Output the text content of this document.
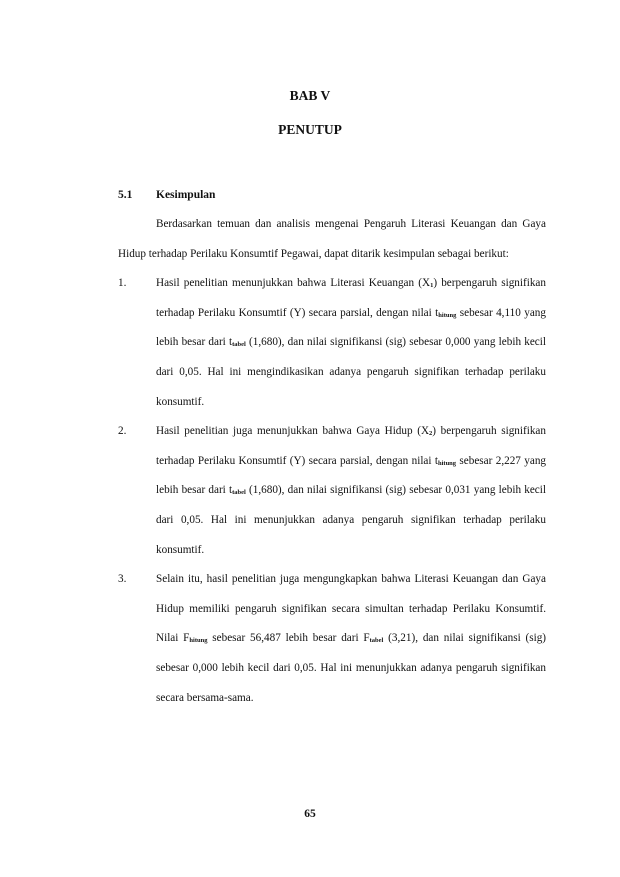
BAB V
PENUTUP
5.1 Kesimpulan

Berdasarkan temuan dan analisis mengenai Pengaruh Literasi Keuangan dan Gaya Hidup terhadap Perilaku Konsumtif Pegawai, dapat ditarik kesimpulan sebagai berikut:

1.	Hasil penelitian menunjukkan bahwa Literasi Keuangan $(X_1)$ berpengaruh signifikan terhadap Perilaku Konsumtif (Y) secara parsial, dengan nilai $t_{hitung}$ sebesar 4,110 yang lebih besar dari $t_{tabel}$ (1,680), dan nilai signifikansi (sig) sebesar 0,000 yang lebih kecil dari 0,05. Hal ini mengindikasikan adanya pengaruh signifikan terhadap perilaku konsumtif.
2.	Hasil penelitian juga menunjukkan bahwa Gaya Hidup $(X_2)$ berpengaruh signifikan terhadap Perilaku Konsumtif (Y) secara parsial, dengan nilai $t_{hitung}$ sebesar 2,227 yang lebih besar dari $t_{tabel}$ (1,680), dan nilai signifikansi (sig) sebesar 0,031 yang lebih kecil dari 0,05. Hal ini menunjukkan adanya pengaruh signifikan terhadap perilaku konsumtif.
3.	Selain itu, hasil penelitian juga mengungkapkan bahwa Literasi Keuangan dan Gaya Hidup memiliki pengaruh signifikan secara simultan terhadap Perilaku Konsumtif. Nilai $F_{hitung}$ sebesar 56,487 lebih besar dari $F_{tabel}$ (3,21), dan nilai signifikansi (sig) sebesar 0,000 lebih kecil dari 0,05. Hal ini menunjukkan adanya pengaruh signifikan secara bersama-sama.
65
